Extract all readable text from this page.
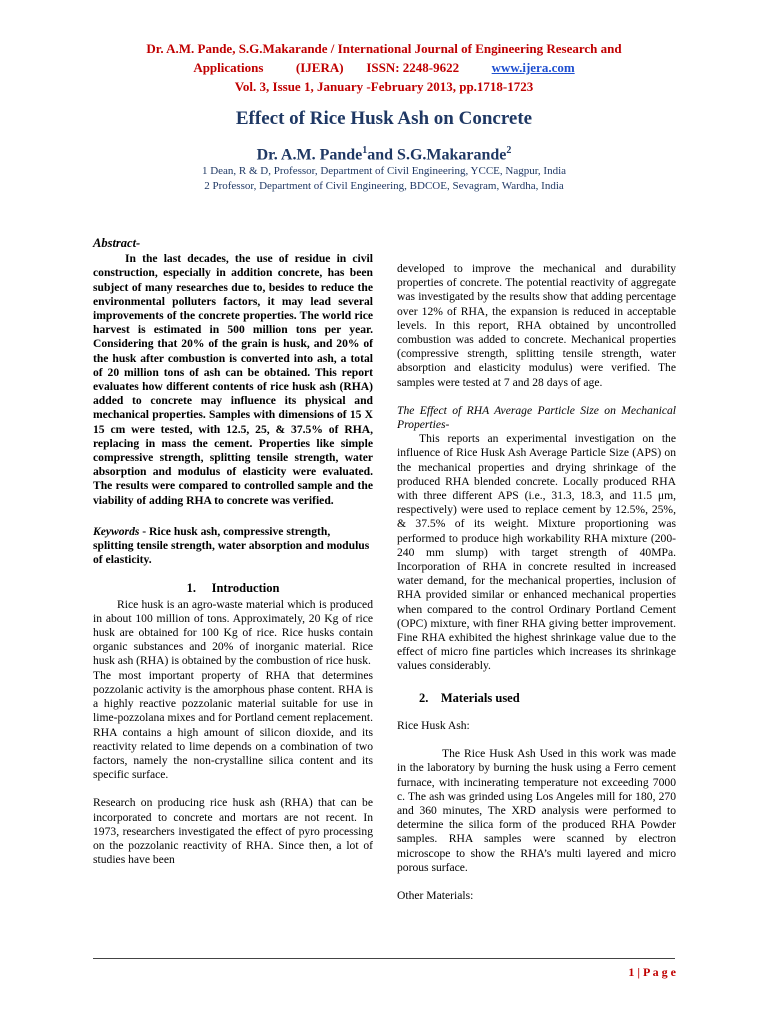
Dr. A.M. Pande, S.G.Makarande / International Journal of Engineering Research and
Applications	(IJERA) ISSN: 2248-9622	www.ijera.com
Vol. 3, Issue 1, January -February 2013, pp.1718-1723
Effect of Rice Husk Ash on Concrete
Dr. A.M. Pande$^1$and S.G.Makarande$^2$
1 Dean, R & D, Professor, Department of Civil Engineering, YCCE, Nagpur, India
2 Professor, Department of Civil Engineering, BDCOE, Sevagram, Wardha, India
Abstract-

In the last decades, the use of residue in civil construction, especially in addition concrete, has been subject of many researches due to, besides to reduce the environmental polluters factors, it may lead several improvements of the concrete properties. The world rice harvest is estimated in 500 million tons per year. Considering that 20% of the grain is husk, and 20% of the husk after combustion is converted into ash, a total of 20 million tons of ash can be obtained. This report evaluates how different contents of rice husk ash (RHA) added to concrete may influence its physical and mechanical properties. Samples with dimensions of 15 X 15 cm were tested, with 12.5, 25, & 37.5% of RHA, replacing in mass the cement. Properties like simple compressive strength, splitting tensile strength, water absorption and modulus of elasticity were evaluated. The results were compared to controlled sample and the viability of adding RHA to concrete was verified.

Keywords - Rice husk ash, compressive strength, splitting tensile strength, water absorption and modulus of elasticity.

1.     Introduction

Rice husk is an agro-waste material which is produced in about 100 million of tons. Approximately, 20 Kg of rice husk are obtained for 100 Kg of rice. Rice husks contain organic substances and 20% of inorganic material. Rice husk ash (RHA) is obtained by the combustion of rice husk.

The most important property of RHA that determines pozzolanic activity is the amorphous phase content. RHA is a highly reactive pozzolanic material suitable for use in lime-pozzolana mixes and for Portland cement replacement. RHA contains a high amount of silicon dioxide, and its reactivity related to lime depends on a combination of two factors, namely the non-crystalline silica content and its specific surface.

Research on producing rice husk ash (RHA) that can be incorporated to concrete and mortars are not recent. In 1973, researchers investigated the effect of pyro processing on the pozzolanic reactivity of RHA. Since then, a lot of studies have been

developed to improve the mechanical and durability properties of concrete. The potential reactivity of aggregate was investigated by the results show that adding percentage over 12% of RHA, the expansion is reduced in acceptable levels. In this report, RHA obtained by uncontrolled combustion was added to concrete. Mechanical properties (compressive strength, splitting tensile strength, water absorption and elasticity modulus) were verified. The samples were tested at 7 and 28 days of age.

The Effect of RHA Average Particle Size on Mechanical Properties-

This reports an experimental investigation on the influence of Rice Husk Ash Average Particle Size (APS) on the mechanical properties and drying shrinkage of the produced RHA blended concrete. Locally produced RHA with three different APS (i.e., 31.3, 18.3, and 11.5 μm, respectively) were used to replace cement by 12.5%, 25%, & 37.5% of its weight. Mixture proportioning was performed to produce high workability RHA mixture (200-240 mm slump) with target strength of 40MPa. Incorporation of RHA in concrete resulted in increased water demand, for the mechanical properties, inclusion of RHA provided similar or enhanced mechanical properties when compared to the control Ordinary Portland Cement (OPC) mixture, with finer RHA giving better improvement. Fine RHA exhibited the highest shrinkage value due to the effect of micro fine particles which increases its shrinkage values considerably.

2.    Materials used

Rice Husk Ash:

The Rice Husk Ash Used in this work was made in the laboratory by burning the husk using a Ferro cement furnace, with incinerating temperature not exceeding 7000 c. The ash was grinded using Los Angeles mill for 180, 270 and 360 minutes, The XRD analysis were performed to determine the silica form of the produced RHA Powder samples. RHA samples were scanned by electron microscope to show the RHA’s multi layered and micro porous surface.

Other Materials:

1 | P a g e
